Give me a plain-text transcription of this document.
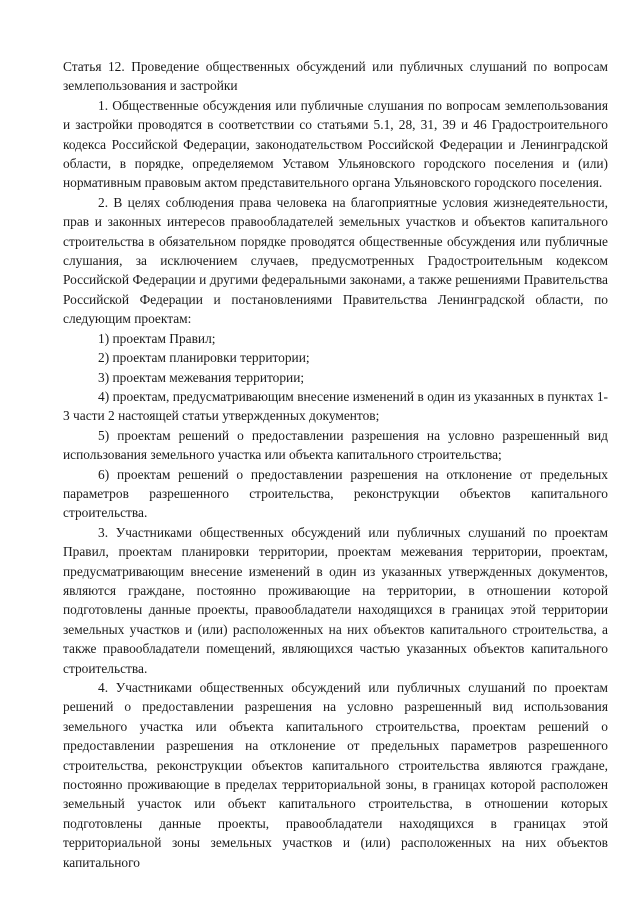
Статья 12. Проведение общественных обсуждений или публичных слушаний по вопросам землепользования и застройки

1. Общественные обсуждения или публичные слушания по вопросам землепользования и застройки проводятся в соответствии со статьями 5.1, 28, 31, 39 и 46 Градостроительного кодекса Российской Федерации, законодательством Российской Федерации и Ленинградской области, в порядке, определяемом Уставом Ульяновского городского поселения и (или) нормативным правовым актом представительного органа Ульяновского городского поселения.

2. В целях соблюдения права человека на благоприятные условия жизнедеятельности, прав и законных интересов правообладателей земельных участков и объектов капитального строительства в обязательном порядке проводятся общественные обсуждения или публичные слушания, за исключением случаев, предусмотренных Градостроительным кодексом Российской Федерации и другими федеральными законами, а также решениями Правительства Российской Федерации и постановлениями Правительства Ленинградской области, по следующим проектам:

1) проектам Правил;

2) проектам планировки территории;

3) проектам межевания территории;

4) проектам, предусматривающим внесение изменений в один из указанных в пунктах 1-3 части 2 настоящей статьи утвержденных документов;

5) проектам решений о предоставлении разрешения на условно разрешенный вид использования земельного участка или объекта капитального строительства;

6) проектам решений о предоставлении разрешения на отклонение от предельных параметров разрешенного строительства, реконструкции объектов капитального строительства.

3. Участниками общественных обсуждений или публичных слушаний по проектам Правил, проектам планировки территории, проектам межевания территории, проектам, предусматривающим внесение изменений в один из указанных утвержденных документов, являются граждане, постоянно проживающие на территории, в отношении которой подготовлены данные проекты, правообладатели находящихся в границах этой территории земельных участков и (или) расположенных на них объектов капитального строительства, а также правообладатели помещений, являющихся частью указанных объектов капитального строительства.

4. Участниками общественных обсуждений или публичных слушаний по проектам решений о предоставлении разрешения на условно разрешенный вид использования земельного участка или объекта капитального строительства, проектам решений о предоставлении разрешения на отклонение от предельных параметров разрешенного строительства, реконструкции объектов капитального строительства являются граждане, постоянно проживающие в пределах территориальной зоны, в границах которой расположен земельный участок или объект капитального строительства, в отношении которых подготовлены данные проекты, правообладатели находящихся в границах этой территориальной зоны земельных участков и (или) расположенных на них объектов капитального
